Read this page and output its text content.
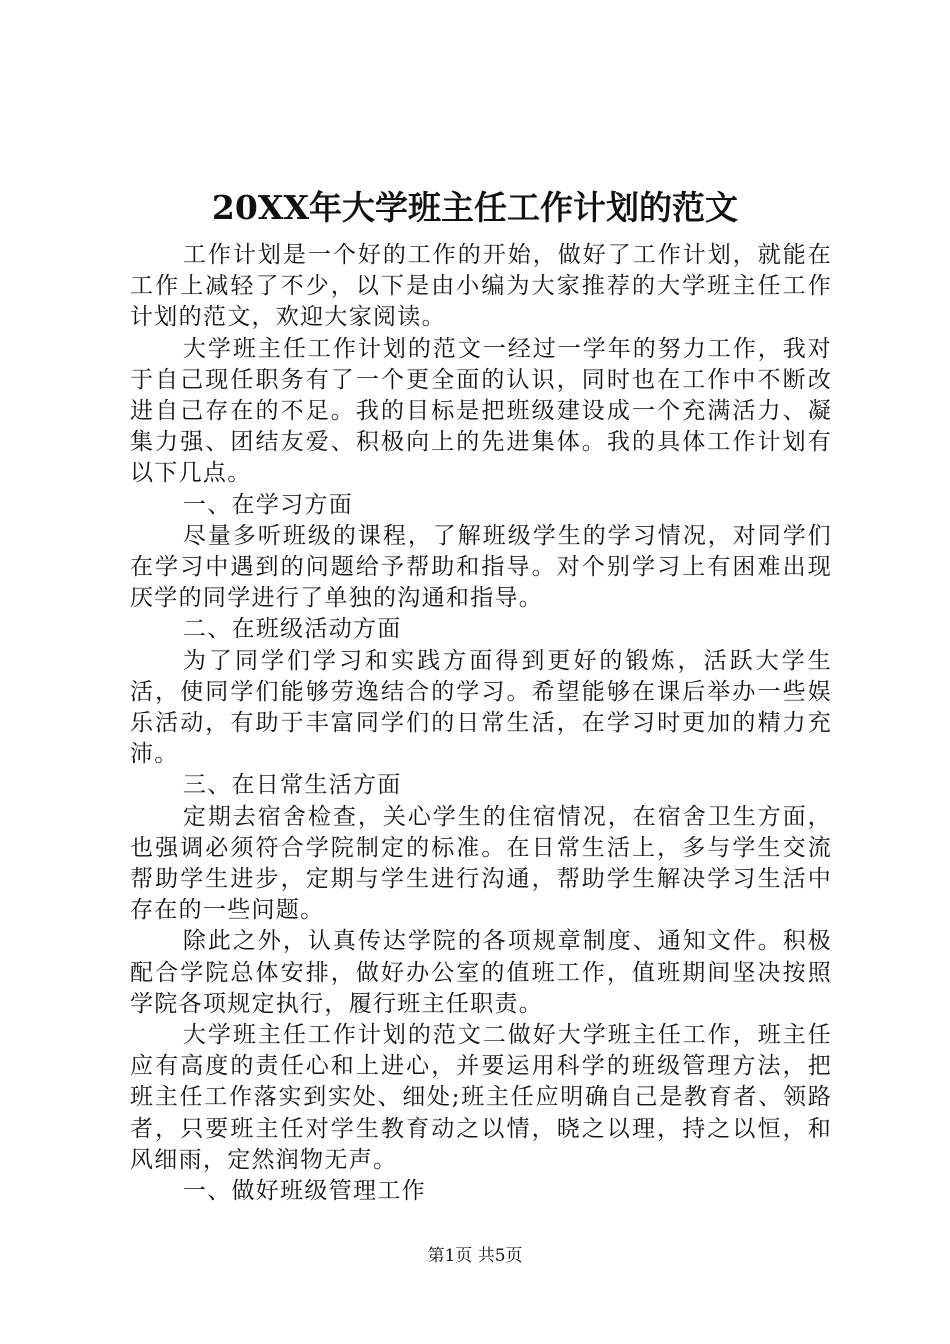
20XX年大学班主任工作计划的范文

工作计划是一个好的工作的开始，做好了工作计划，就能在工作上减轻了不少，以下是由小编为大家推荐的大学班主任工作计划的范文，欢迎大家阅读。

大学班主任工作计划的范文一经过一学年的努力工作，我对于自己现任职务有了一个更全面的认识，同时也在工作中不断改进自己存在的不足。我的目标是把班级建设成一个充满活力、凝集力强、团结友爱、积极向上的先进集体。我的具体工作计划有以下几点。

一、在学习方面

尽量多听班级的课程，了解班级学生的学习情况，对同学们在学习中遇到的问题给予帮助和指导。对个别学习上有困难出现厌学的同学进行了单独的沟通和指导。

二、在班级活动方面

为了同学们学习和实践方面得到更好的锻炼，活跃大学生活，使同学们能够劳逸结合的学习。希望能够在课后举办一些娱乐活动，有助于丰富同学们的日常生活，在学习时更加的精力充沛。

三、在日常生活方面

定期去宿舍检查，关心学生的住宿情况，在宿舍卫生方面，也强调必须符合学院制定的标准。在日常生活上，多与学生交流帮助学生进步，定期与学生进行沟通，帮助学生解决学习生活中存在的一些问题。

除此之外，认真传达学院的各项规章制度、通知文件。积极配合学院总体安排，做好办公室的值班工作，值班期间坚决按照学院各项规定执行，履行班主任职责。

大学班主任工作计划的范文二做好大学班主任工作，班主任应有高度的责任心和上进心，并要运用科学的班级管理方法，把班主任工作落实到实处、细处;班主任应明确自己是教育者、领路者，只要班主任对学生教育动之以情，晓之以理，持之以恒，和风细雨，定然润物无声。

一、做好班级管理工作

第1页 共5页
